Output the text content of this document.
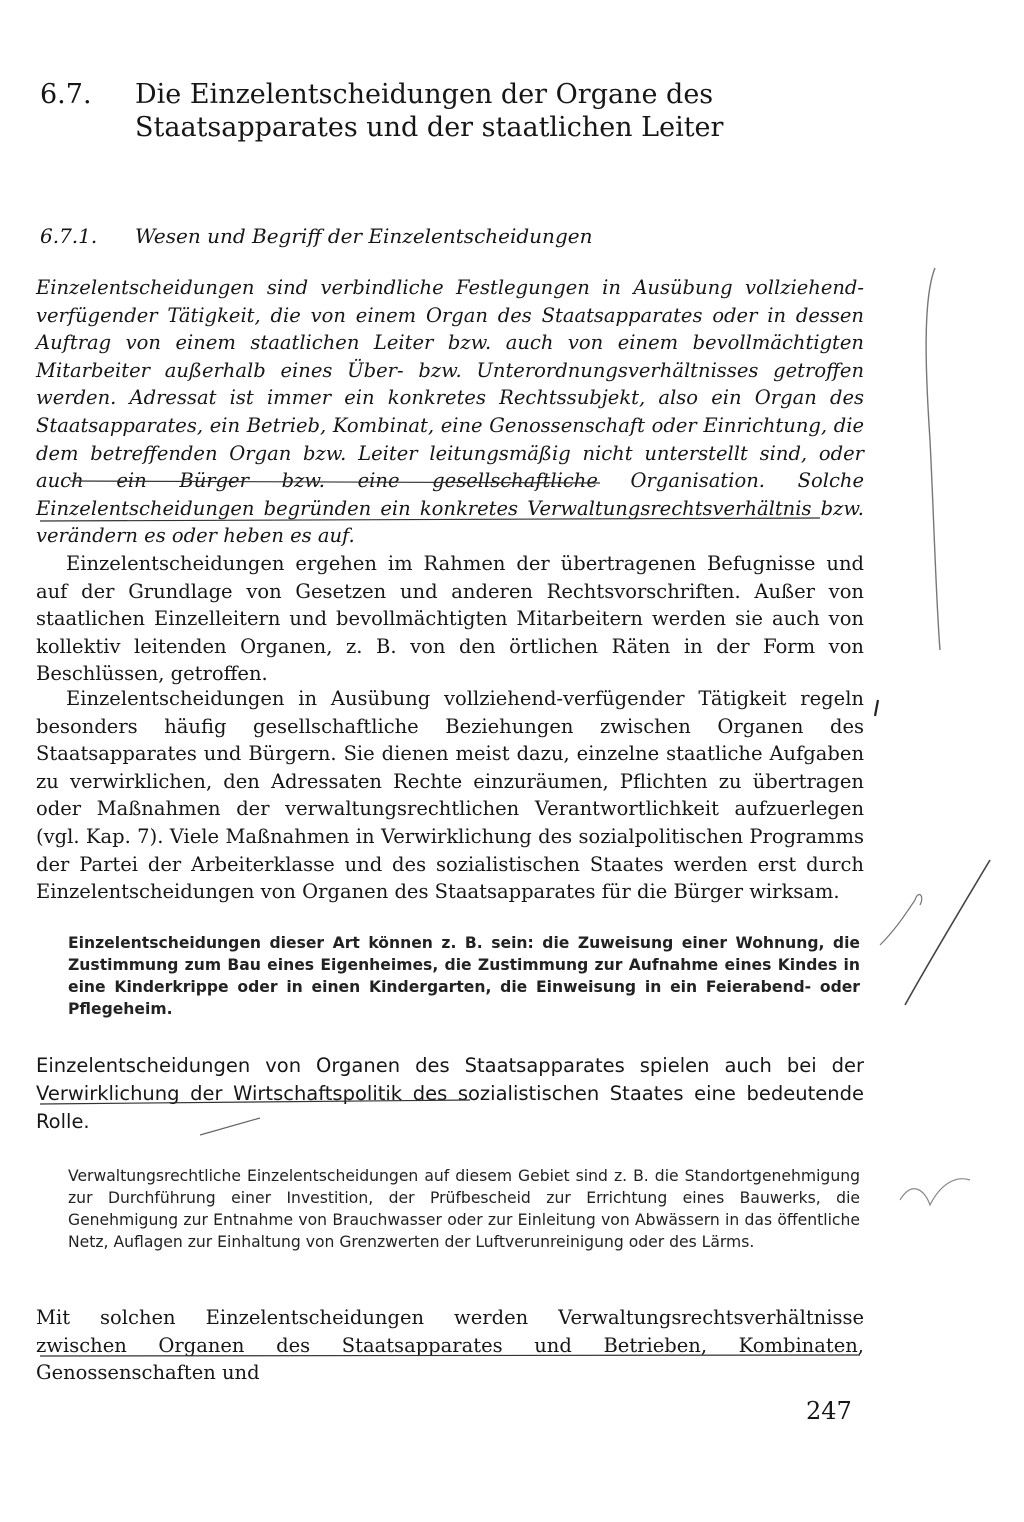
6.7. Die Einzelentscheidungen der Organe des Staatsapparates und der staatlichen Leiter
6.7.1. Wesen und Begriff der Einzelentscheidungen

Einzelentscheidungen sind verbindliche Festlegungen in Ausübung vollziehend-verfügender Tätigkeit, die von einem Organ des Staatsapparates oder in dessen Auftrag von einem staatlichen Leiter bzw. auch von einem bevollmächtigten Mitarbeiter außerhalb eines Über- bzw. Unterordnungsverhältnisses getroffen werden. Adressat ist immer ein konkretes Rechtssubjekt, also ein Organ des Staatsapparates, ein Betrieb, Kombinat, eine Genossenschaft oder Einrichtung, die dem betreffenden Organ bzw. Leiter leitungsmäßig nicht unterstellt sind, oder auch ein Bürger bzw. eine gesellschaftliche Organisation. Solche Einzelentscheidungen begründen ein konkretes Verwaltungsrechtsverhältnis bzw. verändern es oder heben es auf.

Einzelentscheidungen ergehen im Rahmen der übertragenen Befugnisse und auf der Grundlage von Gesetzen und anderen Rechtsvorschriften. Außer von staatlichen Einzelleitern und bevollmächtigten Mitarbeitern werden sie auch von kollektiv leitenden Organen, z. B. von den örtlichen Räten in der Form von Beschlüssen, getroffen.

Einzelentscheidungen in Ausübung vollziehend-verfügender Tätigkeit regeln besonders häufig gesellschaftliche Beziehungen zwischen Organen des Staatsapparates und Bürgern. Sie dienen meist dazu, einzelne staatliche Aufgaben zu verwirklichen, den Adressaten Rechte einzuräumen, Pflichten zu übertragen oder Maßnahmen der verwaltungsrechtlichen Verantwortlichkeit aufzuerlegen (vgl. Kap. 7). Viele Maßnahmen in Verwirklichung des sozialpolitischen Programms der Partei der Arbeiterklasse und des sozialistischen Staates werden erst durch Einzelentscheidungen von Organen des Staatsapparates für die Bürger wirksam.

Einzelentscheidungen dieser Art können z. B. sein: die Zuweisung einer Wohnung, die Zustimmung zum Bau eines Eigenheimes, die Zustimmung zur Aufnahme eines Kindes in eine Kinderkrippe oder in einen Kindergarten, die Einweisung in ein Feierabend- oder Pflegeheim.

Einzelentscheidungen von Organen des Staatsapparates spielen auch bei der Verwirklichung der Wirtschaftspolitik des sozialistischen Staates eine bedeutende Rolle.

Verwaltungsrechtliche Einzelentscheidungen auf diesem Gebiet sind z. B. die Standortgenehmigung zur Durchführung einer Investition, der Prüfbescheid zur Errichtung eines Bauwerks, die Genehmigung zur Entnahme von Brauchwasser oder zur Einleitung von Abwässern in das öffentliche Netz, Auflagen zur Einhaltung von Grenzwerten der Luftverunreinigung oder des Lärms.

Mit solchen Einzelentscheidungen werden Verwaltungsrechtsverhältnisse zwischen Organen des Staatsapparates und Betrieben, Kombinaten, Genossenschaften und

247
